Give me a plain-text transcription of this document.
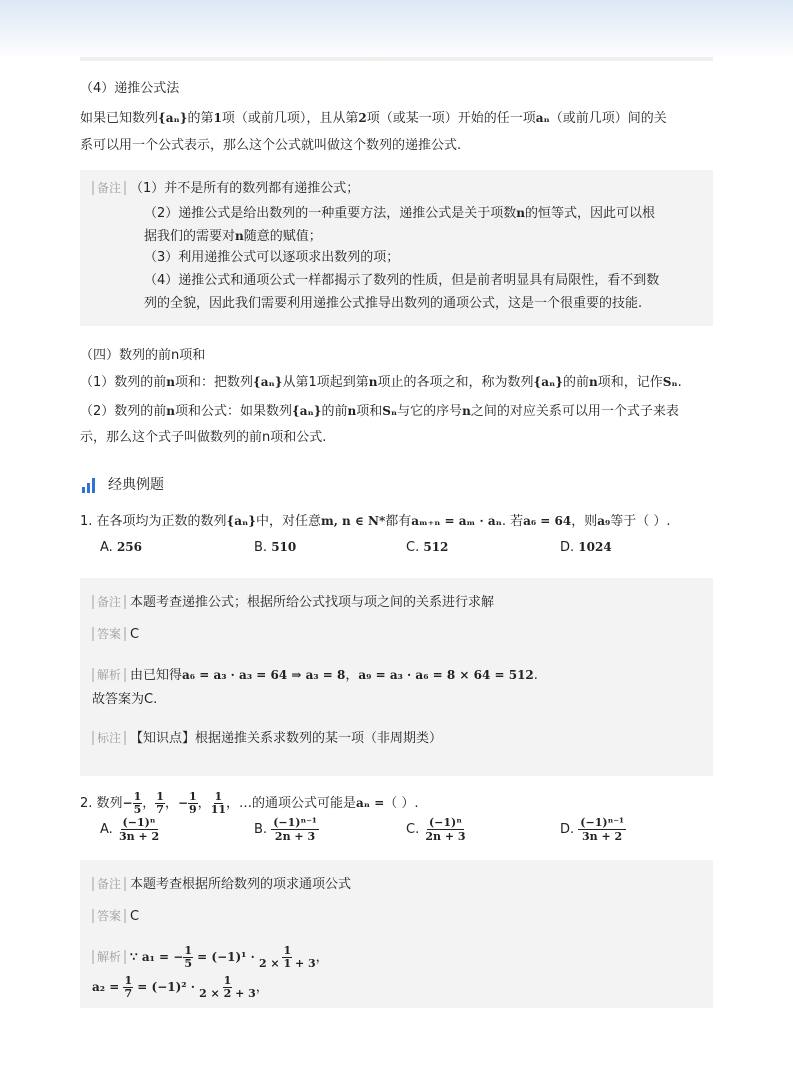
（4）递推公式法
如果已知数列{aₙ}的第1项（或前几项），且从第2项（或某一项）开始的任一项aₙ（或前几项）间的关
系可以用一个公式表示，那么这个公式就叫做这个数列的递推公式.
备注 （1）并不是所有的数列都有递推公式；
（2）递推公式是给出数列的一种重要方法，递推公式是关于项数n的恒等式，因此可以根
据我们的需要对n随意的赋值；
（3）利用递推公式可以逐项求出数列的项；
（4）递推公式和通项公式一样都揭示了数列的性质，但是前者明显具有局限性，看不到数
列的全貌，因此我们需要利用递推公式推导出数列的通项公式，这是一个很重要的技能.
（四）数列的前n项和
（1）数列的前n项和：把数列{aₙ}从第1项起到第n项止的各项之和，称为数列{aₙ}的前n项和，记作Sₙ.
（2）数列的前n项和公式：如果数列{aₙ}的前n项和Sₙ与它的序号n之间的对应关系可以用一个式子来表
示，那么这个式子叫做数列的前n项和公式.
经典例题
1. 在各项均为正数的数列{aₙ}中，对任意m, n ∈ N*都有aₘ₊ₙ = aₘ · aₙ. 若a₆ = 64，则a₉等于（ ）.
A. 256	B. 510	C. 512	D. 1024
备注 本题考查递推公式；根据所给公式找项与项之间的关系进行求解
答案 C
解析 由已知得a₆ = a₃ · a₃ = 64 ⇒ a₃ = 8，a₉ = a₃ · a₆ = 8 × 64 = 512.
故答案为C.
标注 【知识点】根据递推关系求数列的某一项（非周期类）
2. 数列− $\frac{1}{5}$ ， $\frac{1}{7}$ ，− $\frac{1}{9}$ ， $\frac{1}{11}$ ，…的通项公式可能是aₙ =（ ）.
A. $\frac{\text{(−1)ⁿ}}{3n + 2}$	B. $\frac{\text{(−1)ⁿ⁻¹}}{2n + 3}$	C. $\frac{\text{(−1)ⁿ}}{2n + 3}$	D. $\frac{\text{(−1)ⁿ⁻¹}}{3n + 2}$
备注 本题考查根据所给数列的项求通项公式
答案 C
解析 ∵ a₁ = − $\frac{1}{5} = (-1)^1 \cdot \frac{1}{2 \times 1 + 3}$ ，
$a_2 = \frac{1}{7} = (-1)^2 \cdot \frac{1}{2 \times 2 + 3}$ ，
